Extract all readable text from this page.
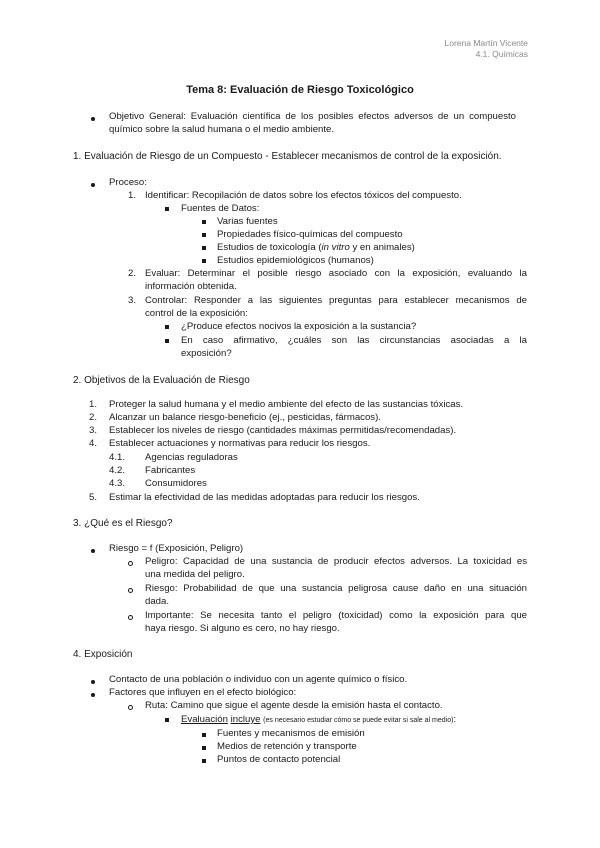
Lorena Martín Vicente
4.1. Químicas
Tema 8: Evaluación de Riesgo Toxicológico
Objetivo General: Evaluación científica de los posibles efectos adversos de un compuesto
químico sobre la salud humana o el medio ambiente.
1. Evaluación de Riesgo de un Compuesto - Establecer mecanismos de control de la exposición.
Proceso:
1. Identificar: Recopilación de datos sobre los efectos tóxicos del compuesto.
Fuentes de Datos:
Varias fuentes
Propiedades físico-químicas del compuesto
Estudios de toxicología (in vitro y en animales)
Estudios epidemiológicos (humanos)
2. Evaluar: Determinar el posible riesgo asociado con la exposición, evaluando la
información obtenida.
3. Controlar: Responder a las siguientes preguntas para establecer mecanismos de
control de la exposición:
¿Produce efectos nocivos la exposición a la sustancia?
En caso afirmativo, ¿cuáles son las circunstancias asociadas a la
exposición?
2. Objetivos de la Evaluación de Riesgo
1. Proteger la salud humana y el medio ambiente del efecto de las sustancias tóxicas.
2. Alcanzar un balance riesgo-beneficio (ej., pesticidas, fármacos).
3. Establecer los niveles de riesgo (cantidades máximas permitidas/recomendadas).
4. Establecer actuaciones y normativas para reducir los riesgos.
4.1. Agencias reguladoras
4.2. Fabricantes
4.3. Consumidores
5. Estimar la efectividad de las medidas adoptadas para reducir los riesgos.
3. ¿Qué es el Riesgo?
Riesgo = f (Exposición, Peligro)
Peligro: Capacidad de una sustancia de producir efectos adversos. La toxicidad es
una medida del peligro.
Riesgo: Probabilidad de que una sustancia peligrosa cause daño en una situación
dada.
Importante: Se necesita tanto el peligro (toxicidad) como la exposición para que
haya riesgo. Si alguno es cero, no hay riesgo.
4. Exposición
Contacto de una población o individuo con un agente químico o físico.
Factores que influyen en el efecto biológico:
Ruta: Camino que sigue el agente desde la emisión hasta el contacto.
Evaluación incluye (es necesario estudiar cómo se puede evitar si sale al medio):
Fuentes y mecanismos de emisión
Medios de retención y transporte
Puntos de contacto potencial
